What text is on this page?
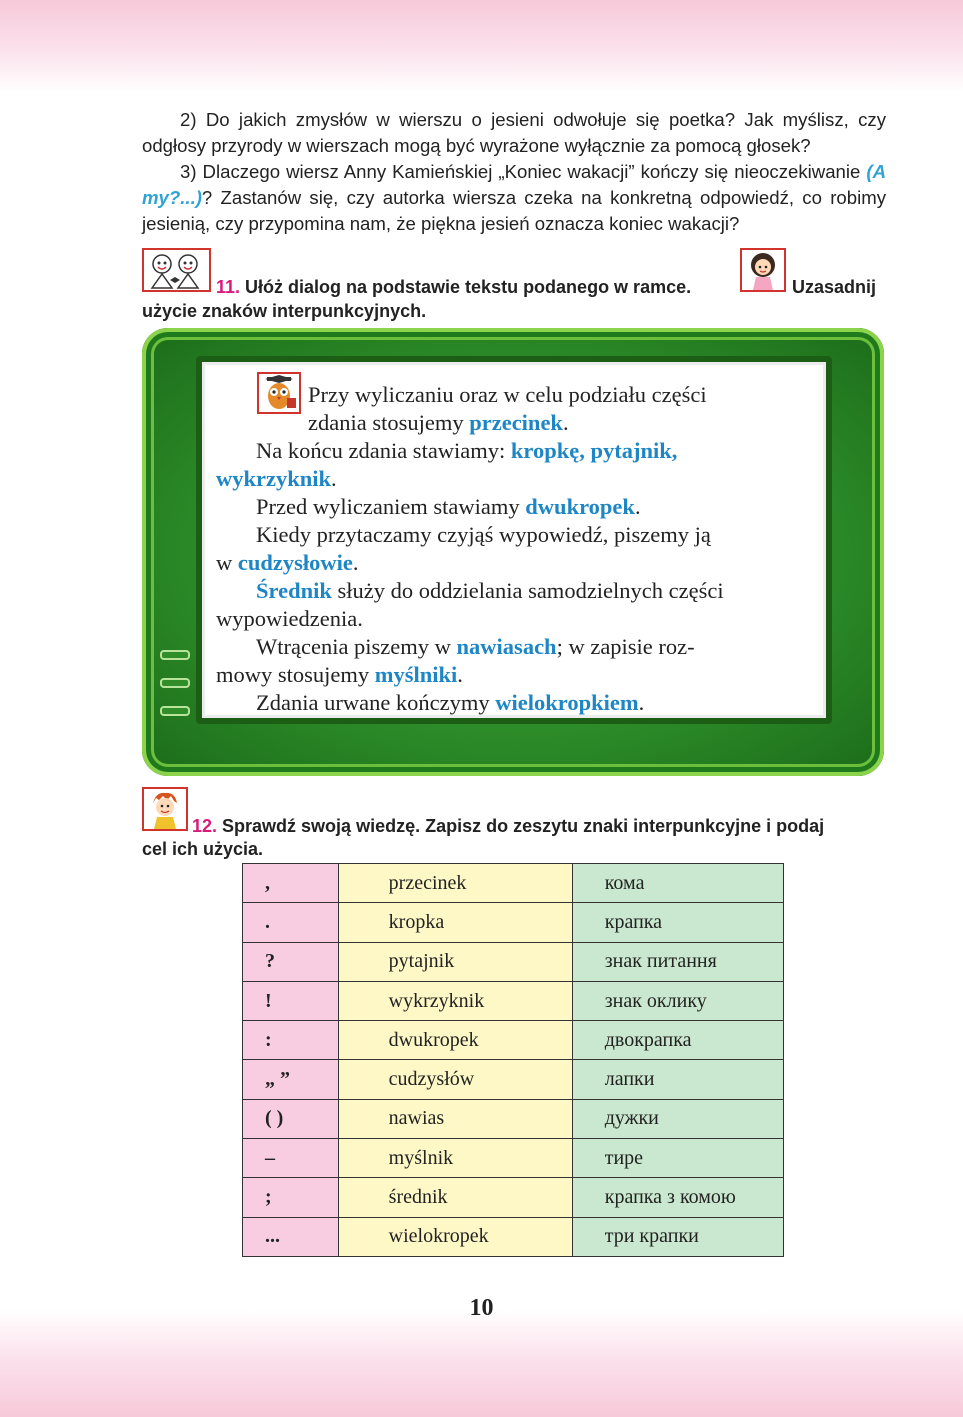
2) Do jakich zmysłów w wierszu o jesieni odwołuje się poetka? Jak myślisz, czy odgłosy przyrody w wierszach mogą być wyrażone wyłącznie za pomocą głosek?

3) Dlaczego wiersz Anny Kamieńskiej „Koniec wakacji” kończy się nieoczekiwanie (A my?...)? Zastanów się, czy autorka wiersza czeka na konkretną odpowiedź, co robimy jesienią, czy przypomina nam, że piękna jesień oznacza koniec wakacji?

11. Ułóż dialog na podstawie tekstu podanego w ramce.	Uzasadnij

użycie znaków interpunkcyjnych.

Przy wyliczaniu oraz w celu podziału części

zdania stosujemy przecinek.

Na końcu zdania stawiamy: kropkę, pytajnik,

wykrzyknik.

Przed wyliczaniem stawiamy dwukropek.

Kiedy przytaczamy czyjąś wypowiedź, piszemy ją

w cudzysłowie.

Średnik służy do oddzielania samodzielnych części

wypowiedzenia.

Wtrącenia piszemy w nawiasach; w zapisie roz-

mowy stosujemy myślniki.

Zdania urwane kończymy wielokropkiem.

12. Sprawdź swoją wiedzę. Zapisz do zeszytu znaki interpunkcyjne i podaj

cel ich użycia.

,	przecinek	кома
.	kropka	крапка
?	pytajnik	знак питання
!	wykrzyknik	знак оклику
:	dwukropek	двокрапка
„ ”	cudzysłów	лапки
( )	nawias	дужки
–	myślnik	тире
;	średnik	крапка з комою
...	wielokropek	три крапки
10
